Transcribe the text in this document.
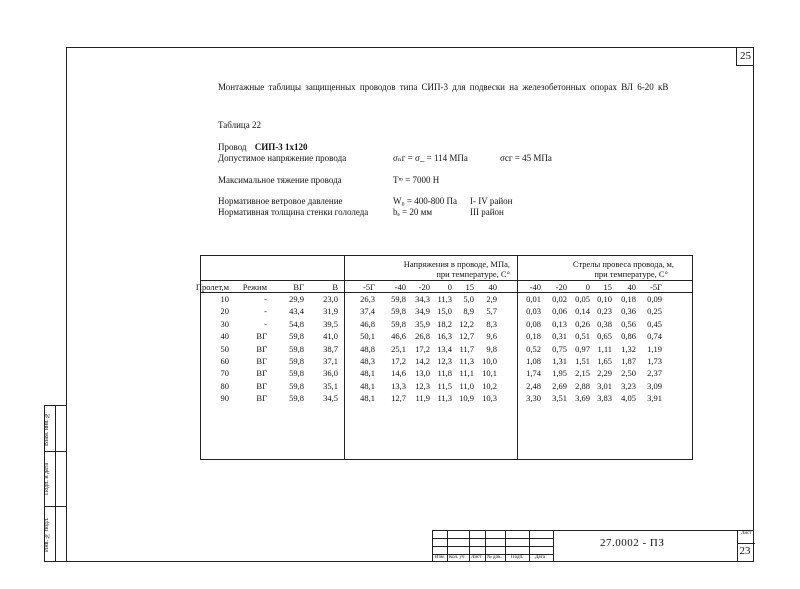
25
Монтажные таблицы защищенных проводов типа СИП-3 для подвески на железобетонных опорах ВЛ 6-20 кВ
Таблица 22
Провод СИП-3 1х120
Допустимое напряжение провода	σₙг = σ_ = 114 МПа	σсг = 45 МПа
Максимальное тяжение провода	Тᵐ = 7000 Н
Нормативное ветровое давление	W₀ = 400-800 Па I- IV район
Нормативная толщина стенки гололеда	bₑ = 20 мм	III район
Напряжения в проводе, МПа,
при температуре, С°
Стрелы провеса провода, м,
при температуре, С°
Пролет,м Режим	ВГ	В	-5Г -40 -20 0 15 40	-40 -20 0 15 40 -5Г
10	-	29,9 23,0	26,3 59,8 34,3 11,3 5,0 2,9	0,01 0,02 0,05 0,10 0,18 0,09
20	-	43,4 31,9	37,4 59,8 34,9 15,0 8,9 5,7	0,03 0,06 0,14 0,23 0,36 0,25
30	-	54,8 39,5	46,8 59,8 35,9 18,2 12,2 8,3	0,08 0,13 0,26 0,38 0,56 0,45
40	ВГ	59,8 41,0	50,1 46,6 26,8 16,3 12,7 9,6	0,18 0,31 0,51 0,65 0,86 0,74
50	ВГ	59,8 38,7	48,8 25,1 17,2 13,4 11,7 9,8	0,52 0,75 0,97 1,11 1,32 1,19
60	ВГ	59,8 37,1	48,3 17,2 14,2 12,3 11,3 10,0	1,08 1,31 1,51 1,65 1,87 1,73
70	ВГ	59,8 36,0	48,1 14,6 13,0 11,8 11,1 10,1	1,74 1,95 2,15 2,29 2,50 2,37
80	ВГ	59,8 35,1	48,1 13,3 12,3 11,5 11,0 10,2	2,48 2,69 2,88 3,01 3,23 3,09
90	ВГ	59,8 34,5	48,1 12,7 11,9 11,3 10,9 10,3	3,30 3,51 3,69 3,83 4,05 3,91
Взам. инв. №
Подп. и дата
Инв. № подл.
Изм. Кол. уч Лист № док. Подп. Дата
27.0002 - ПЗ
Лист
23
